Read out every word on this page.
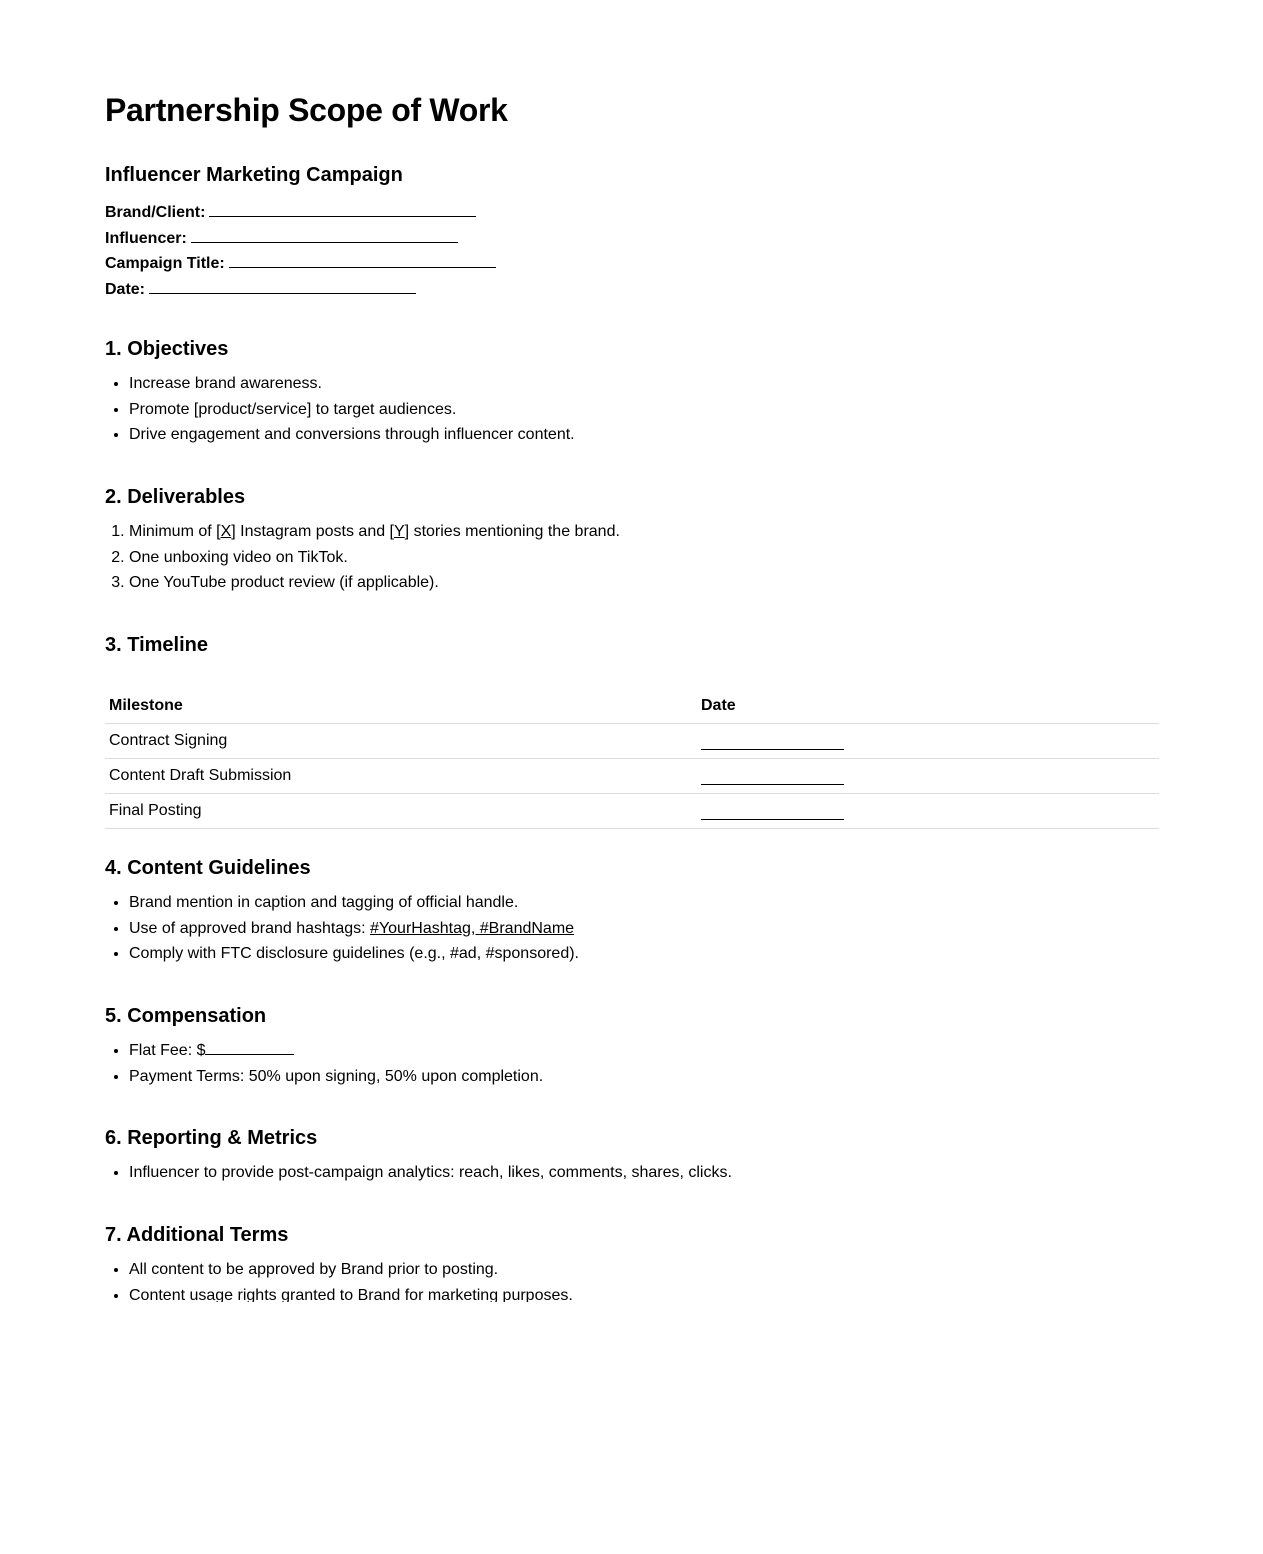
Partnership Scope of Work
Influencer Marketing Campaign
Brand/Client:
Influencer:
Campaign Title:
Date:
1. Objectives
• Increase brand awareness.
• Promote [product/service] to target audiences.
• Drive engagement and conversions through influencer content.
2. Deliverables
1. Minimum of [X] Instagram posts and [Y] stories mentioning the brand.
2. One unboxing video on TikTok.
3. One YouTube product review (if applicable).
3. Timeline
Milestone	Date
Contract Signing	
Content Draft Submission	
Final Posting	
4. Content Guidelines
• Brand mention in caption and tagging of official handle.
• Use of approved brand hashtags: #YourHashtag, #BrandName
• Comply with FTC disclosure guidelines (e.g., #ad, #sponsored).
5. Compensation
• Flat Fee: $
• Payment Terms: 50% upon signing, 50% upon completion.
6. Reporting & Metrics
• Influencer to provide post-campaign analytics: reach, likes, comments, shares, clicks.
7. Additional Terms
• All content to be approved by Brand prior to posting.
• Content usage rights granted to Brand for marketing purposes.
